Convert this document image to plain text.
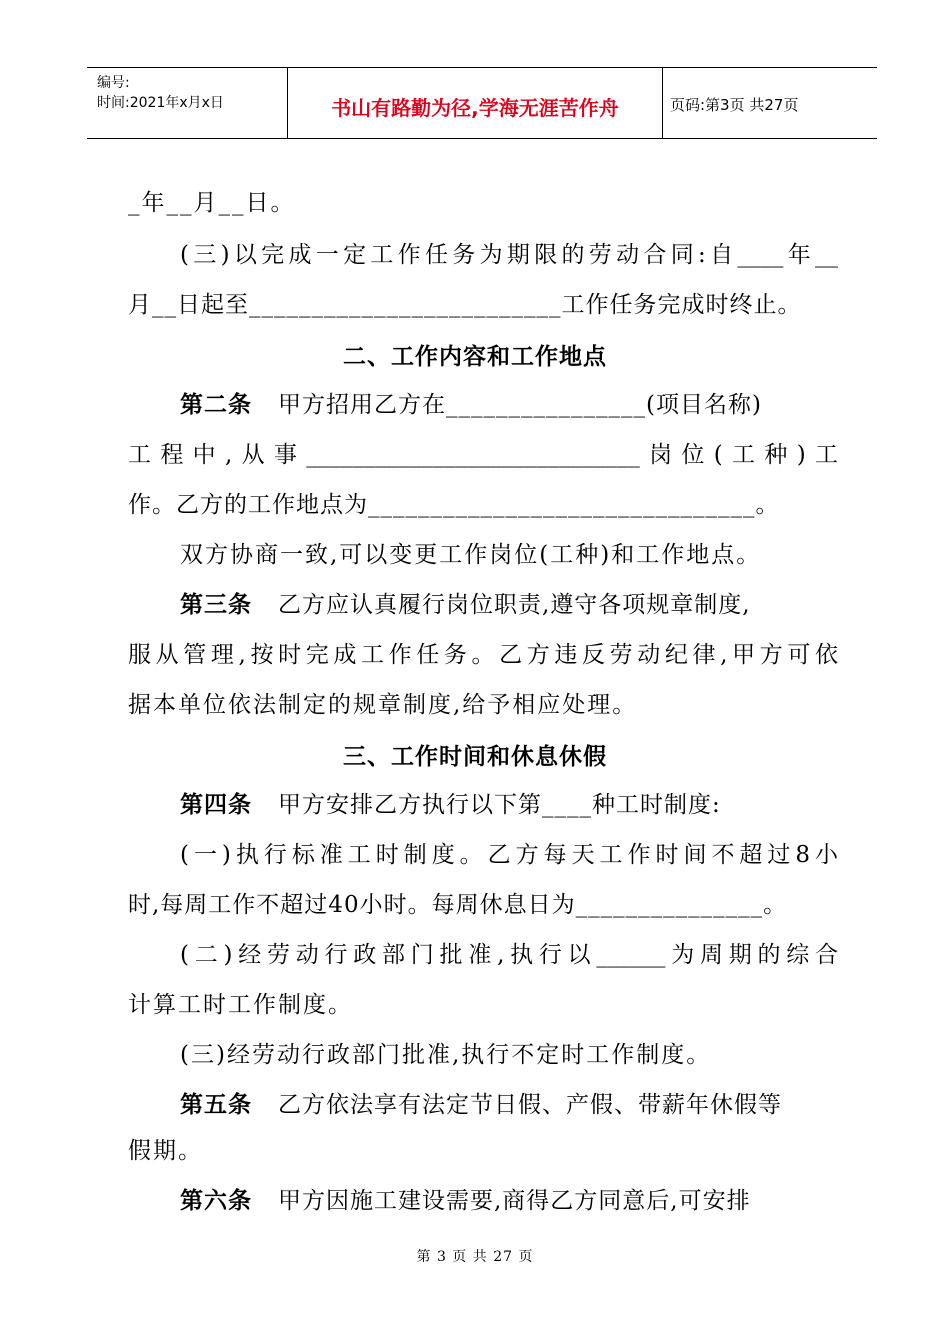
编号:
时间:2021年x月x日	书山有路勤为径,学海无涯苦作舟	页码:第3页 共27页
_年__月__日。
(三)以完成一定工作任务为期限的劳动合同:自____年__
月__日起至_________________________工作任务完成时终止。
二、工作内容和工作地点
第二条 甲方招用乙方在________________(项目名称)
工程中,从事_____________________________岗位(工种)工
作。乙方的工作地点为_______________________________。
双方协商一致,可以变更工作岗位(工种)和工作地点。
第三条 乙方应认真履行岗位职责,遵守各项规章制度,
服从管理,按时完成工作任务。乙方违反劳动纪律,甲方可依
据本单位依法制定的规章制度,给予相应处理。
三、工作时间和休息休假
第四条 甲方安排乙方执行以下第____种工时制度:
(一)执行标准工时制度。乙方每天工作时间不超过8小
时,每周工作不超过40小时。每周休息日为_______________。
(二)经劳动行政部门批准,执行以______为周期的综合
计算工时工作制度。
(三)经劳动行政部门批准,执行不定时工作制度。
第五条 乙方依法享有法定节日假、产假、带薪年休假等
假期。
第六条 甲方因施工建设需要,商得乙方同意后,可安排
第 3 页 共 27 页
